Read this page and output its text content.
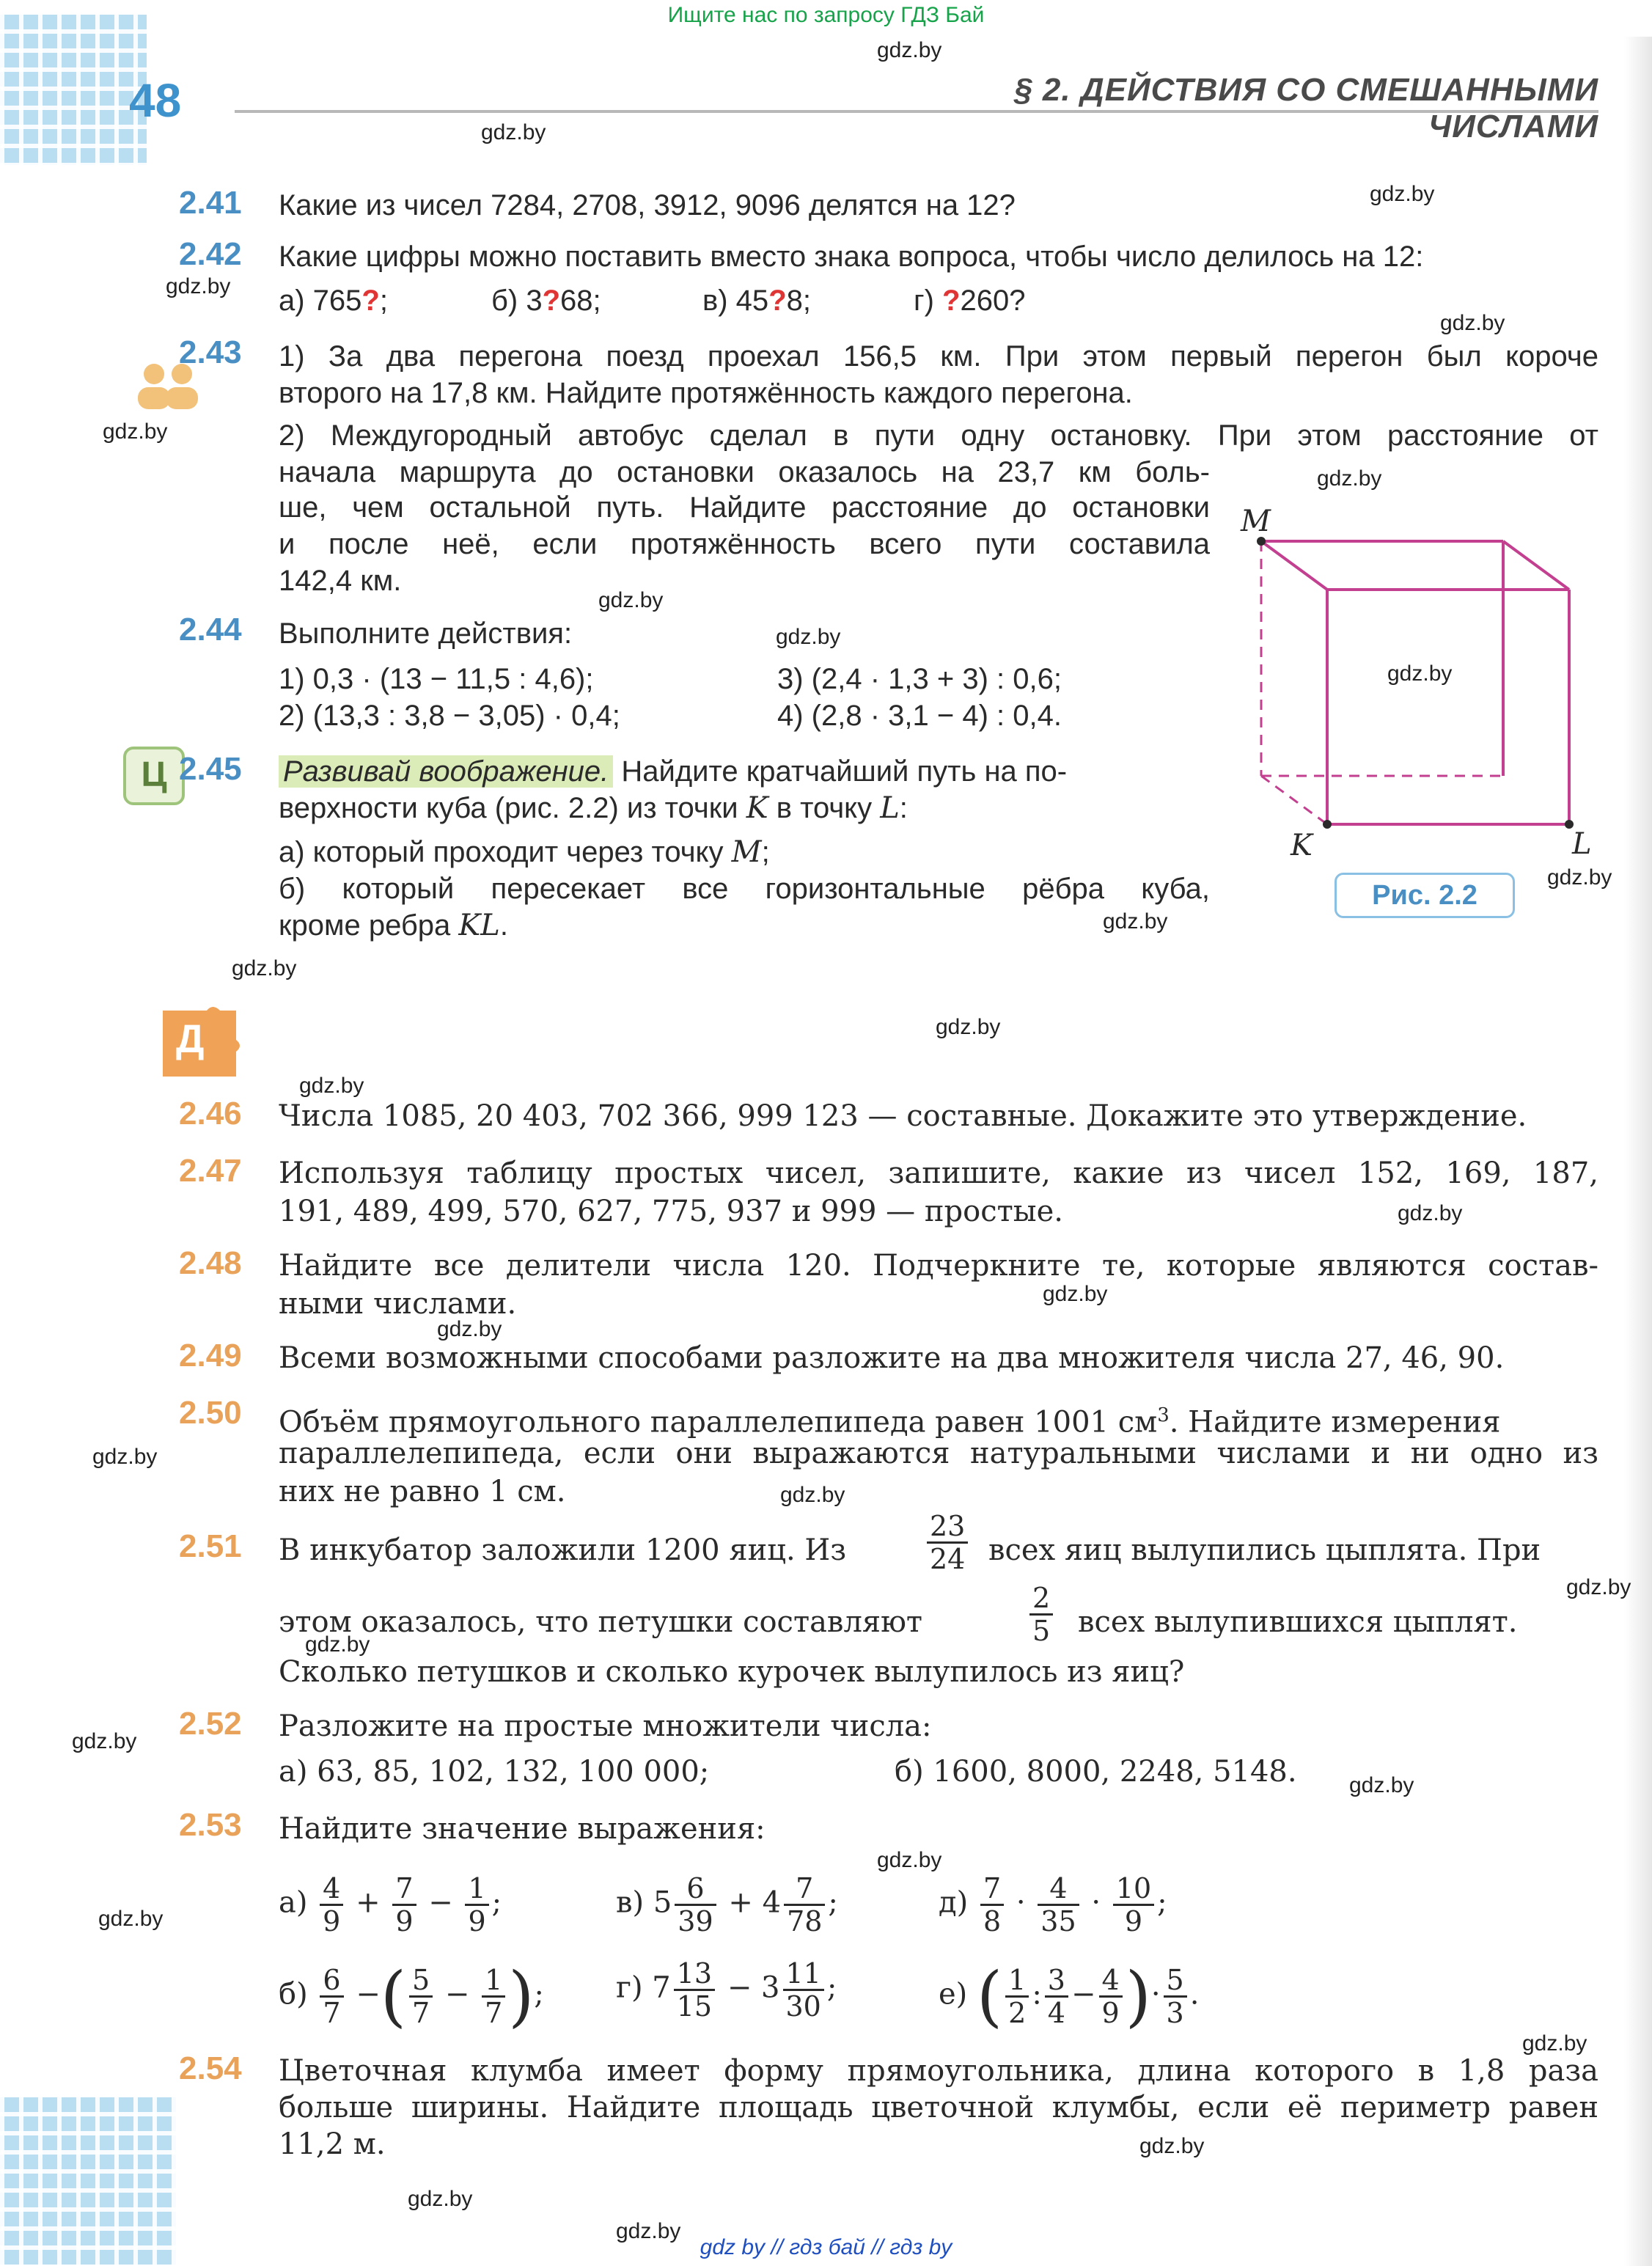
Ищите нас по запросу ГДЗ Бай
48	§ 2. ДЕЙСТВИЯ СО СМЕШАННЫМИ ЧИСЛАМИ
gdz.by
gdz.by
gdz.by
gdz.by
gdz.by
gdz.by
gdz.by
gdz.by
gdz.by
gdz.by
gdz.by
gdz.by
gdz.by
gdz.by
gdz.by
gdz.by
gdz.by
gdz.by
gdz.by
gdz.by
gdz.by
gdz.by
gdz.by
gdz.by
gdz.by
gdz.by
gdz.by
gdz.by
gdz.by
gdz.by
2.41	Какие из чисел 7284, 2708, 3912, 9096 делятся на 12?
2.42	Какие цифры можно поставить вместо знака вопроса, чтобы число делилось на 12:
а) 765?;	б) 3?68;	в) 45?8;	г) ?260?
2.43	1) За два перегона поезд проехал 156,5 км. При этом первый перегон был короче
второго на 17,8 км. Найдите протяжённость каждого перегона.
2) Междугородный автобус сделал в пути одну остановку. При этом расстояние от
начала маршрута до остановки оказалось на 23,7 км боль-
ше, чем остальной путь. Найдите расстояние до остановки
и после неё, если протяжённость всего пути составила
142,4 км.
2.44	Выполните действия:
1) 0,3 · (13 − 11,5 : 4,6);	3) (2,4 · 1,3 + 3) : 0,6;
2) (13,3 : 3,8 − 3,05) · 0,4;	4) (2,8 · 3,1 − 4) : 0,4.
Ц 2.45	Развивай воображение. Найдите кратчайший путь на по-
верхности куба (рис. 2.2) из точки K в точку L:
а) который проходит через точку M;
б) который пересекает все горизонтальные рёбра куба,
кроме ребра KL.
M
K	L
Рис. 2.2
Д
2.46	Числа 1085, 20 403, 702 366, 999 123 — составные. Докажите это утверждение.
2.47	Используя таблицу простых чисел, запишите, какие из чисел 152, 169, 187,
191, 489, 499, 570, 627, 775, 937 и 999 — простые.
2.48	Найдите все делители числа 120. Подчеркните те, которые являются состав-
ными числами.
2.49	Всеми возможными способами разложите на два множителя числа 27, 46, 90.
2.50	Объём прямоугольного параллелепипеда равен 1001 $см^3$. Найдите измерения
параллелепипеда, если они выражаются натуральными числами и ни одно из
них не равно 1 см.
2.51	В инкубатор заложили 1200 яиц. Из	$\frac{23}{24}$ всех яиц вылупились цыплята. При
этом оказалось, что петушки составляют	$\frac{2}{5}$ всех вылупившихся цыплят.
Сколько петушков и сколько курочек вылупилось из яиц?
2.52	Разложите на простые множители числа:
а) 63, 85, 102, 132, 100 000;	б) 1600, 8000, 2248, 5148.
2.53	Найдите значение выражения:
$а) \frac{4}{9} + \frac{7}{9} - \frac{1}{9}$ ;	в) $5 \frac{6}{39} + 4 \frac{7}{78}$ ;	$д) \frac{7}{8} \cdot \frac{4}{35} \cdot \frac{10}{9}$ ;
$б) \frac{6}{7}$ −( $\frac{5}{7} - \frac{1}{7}$ ); г) $7 \frac{13}{15} - 3 \frac{11}{30}$ ;	е) ( $\frac{1}{2}$ : $\frac{3}{4} - \frac{4}{9}$ )· $\frac{5}{3}$ .
2.54	Цветочная клумба имеет форму прямоугольника, длина которого в 1,8 раза
больше ширины. Найдите площадь цветочной клумбы, если её периметр равен
11,2 м.
gdz by // гдз бай // гдз by
